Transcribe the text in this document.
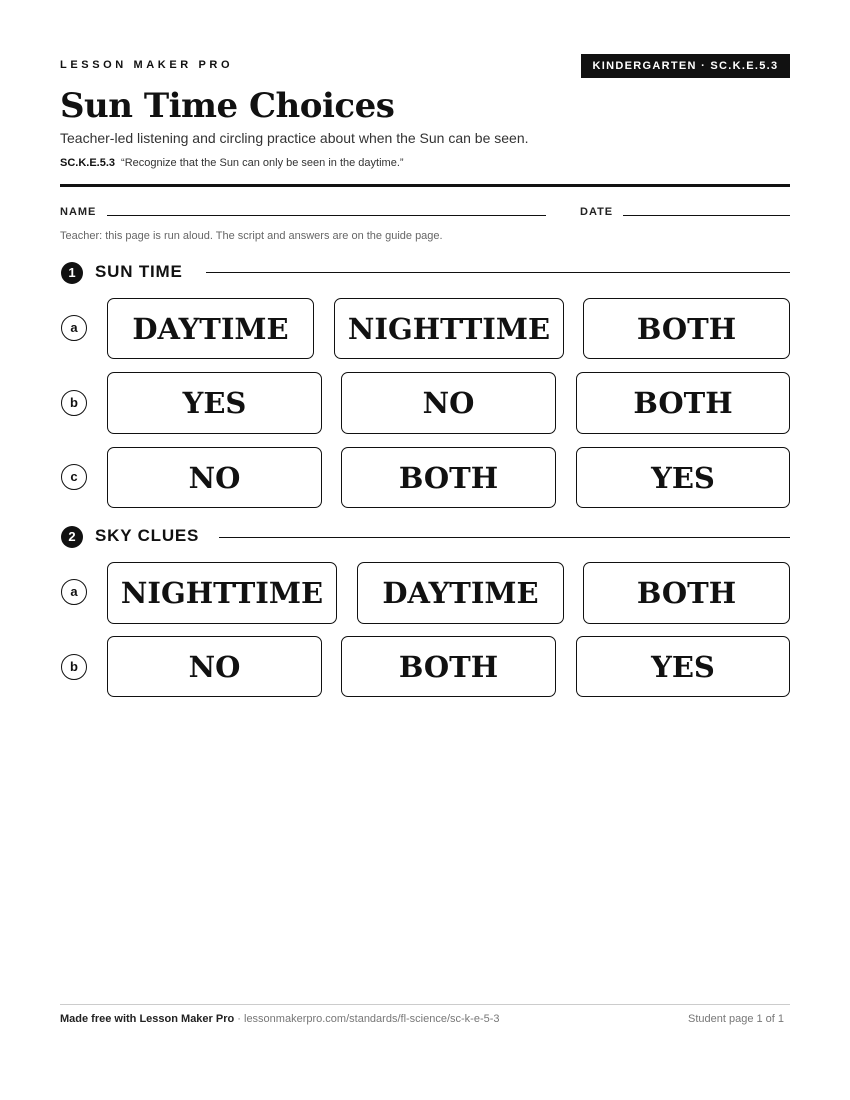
LESSON MAKER PRO	KINDERGARTEN · SC.K.E.5.3
Sun Time Choices
Teacher-led listening and circling practice about when the Sun can be seen.
SC.K.E.5.3 “Recognize that the Sun can only be seen in the daytime.”
NAME	DATE
Teacher: this page is run aloud. The script and answers are on the guide page.
1	SUN TIME
a	DAYTIME	NIGHTTIME	BOTH
b	YES	NO	BOTH
c	NO	BOTH	YES
2	SKY CLUES
a	NIGHTTIME	DAYTIME	BOTH
b	NO	BOTH	YES
Made free with Lesson Maker Pro · lessonmakerpro.com/standards/fl-science/sc-k-e-5-3	Student page 1 of 1
